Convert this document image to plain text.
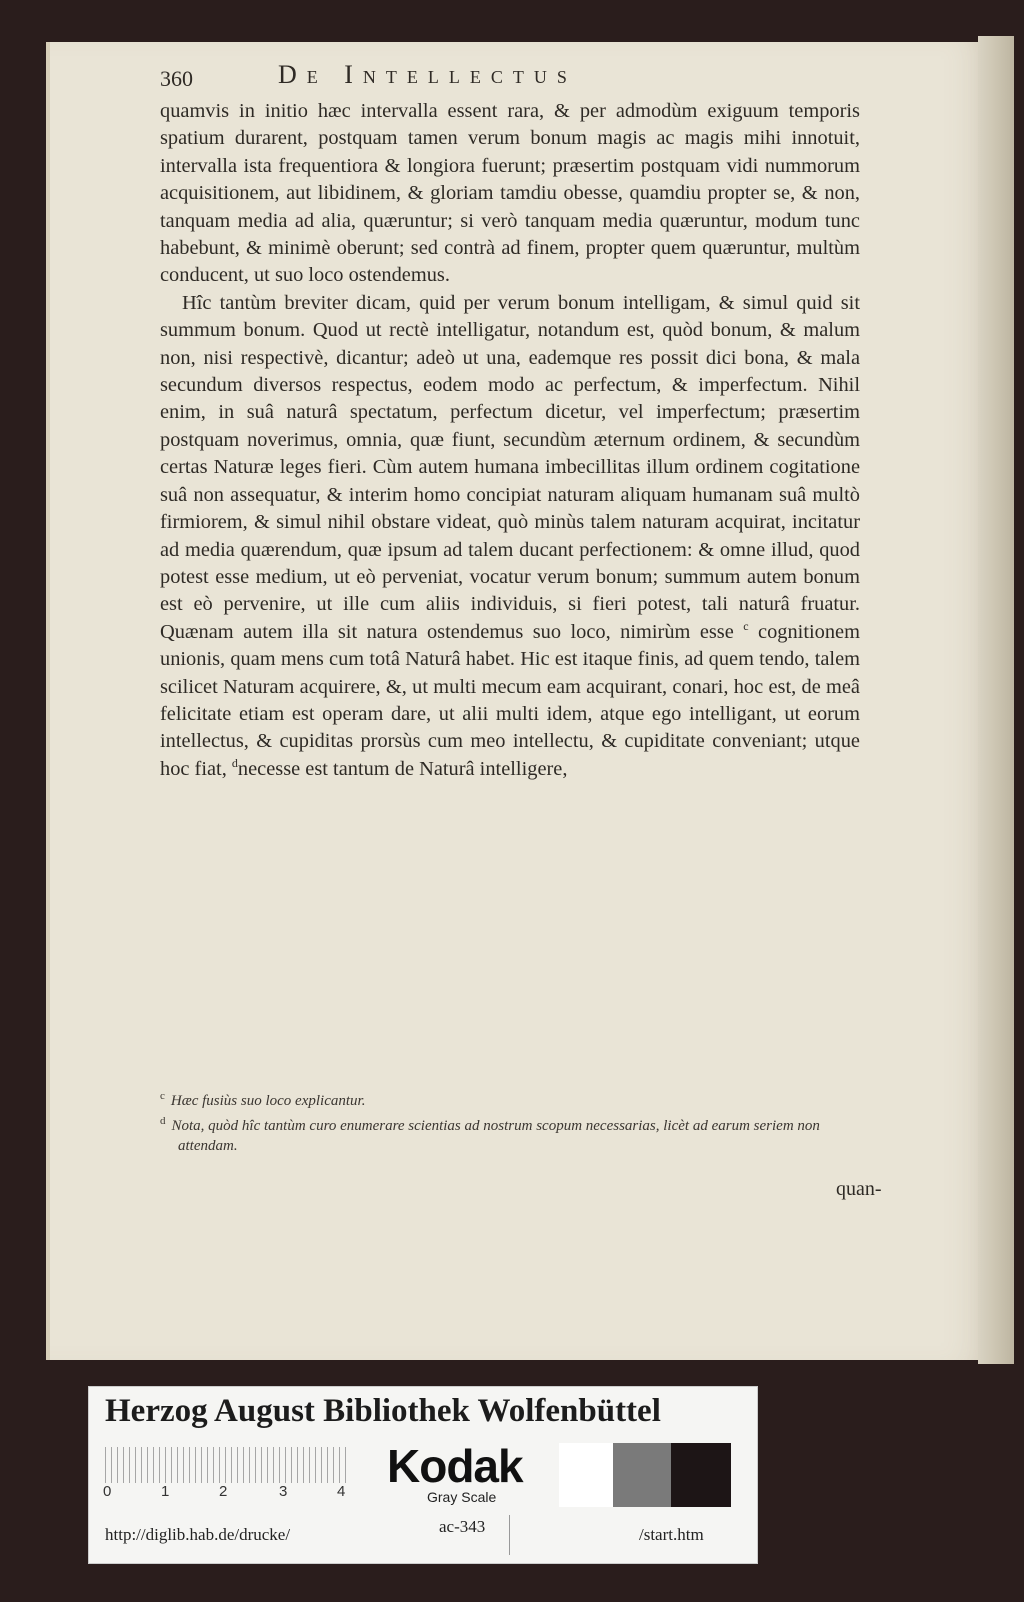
360	De Intellectus

quamvis in initio hæc intervalla essent rara, & per admodùm exiguum temporis spatium durarent, postquam tamen verum bonum magis ac magis mihi innotuit, intervalla ista frequentiora & longiora fuerunt; præsertim postquam vidi nummorum acquisitionem, aut libidinem, & gloriam tamdiu obesse, quamdiu propter se, & non, tanquam media ad alia, quæruntur; si verò tanquam media quæruntur, modum tunc habebunt, & minimè oberunt; sed contrà ad finem, propter quem quæruntur, multùm conducent, ut suo loco ostendemus.

Hîc tantùm breviter dicam, quid per verum bonum intelligam, & simul quid sit summum bonum. Quod ut rectè intelligatur, notandum est, quòd bonum, & malum non, nisi respectivè, dicantur; adeò ut una, eademque res possit dici bona, & mala secundum diversos respectus, eodem modo ac perfectum, & imperfectum. Nihil enim, in suâ naturâ spectatum, perfectum dicetur, vel imperfectum; præsertim postquam noverimus, omnia, quæ fiunt, secundùm æternum ordinem, & secundùm certas Naturæ leges fieri. Cùm autem humana imbecillitas illum ordinem cogitatione suâ non assequatur, & interim homo concipiat naturam aliquam humanam suâ multò firmiorem, & simul nihil obstare videat, quò minùs talem naturam acquirat, incitatur ad media quærendum, quæ ipsum ad talem ducant perfectionem: & omne illud, quod potest esse medium, ut eò perveniat, vocatur verum bonum; summum autem bonum est eò pervenire, ut ille cum aliis individuis, si fieri potest, tali naturâ fruatur. Quænam autem illa sit natura ostendemus suo loco, nimirùm esse $^c$ cognitionem unionis, quam mens cum totâ Naturâ habet. Hic est itaque finis, ad quem tendo, talem scilicet Naturam acquirere, &, ut multi mecum eam acquirant, conari, hoc est, de meâ felicitate etiam est operam dare, ut alii multi idem, atque ego intelligant, ut eorum intellectus, & cupiditas prorsùs cum meo intellectu, & cupiditate conveniant; utque hoc fiat, $^d$necesse est tantum de Naturâ intelligere,

$^c$ Hæc fusiùs suo loco explicantur.

$^d$ Nota, quòd hîc tantùm curo enumerare scientias ad nostrum scopum necessarias, licèt ad earum seriem non attendam.

quan-
Herzog August Bibliothek Wolfenbüttel
0	1	2	3	4 Kodak
Gray Scale
http://diglib.hab.de/drucke/	ac-343	/start.htm
